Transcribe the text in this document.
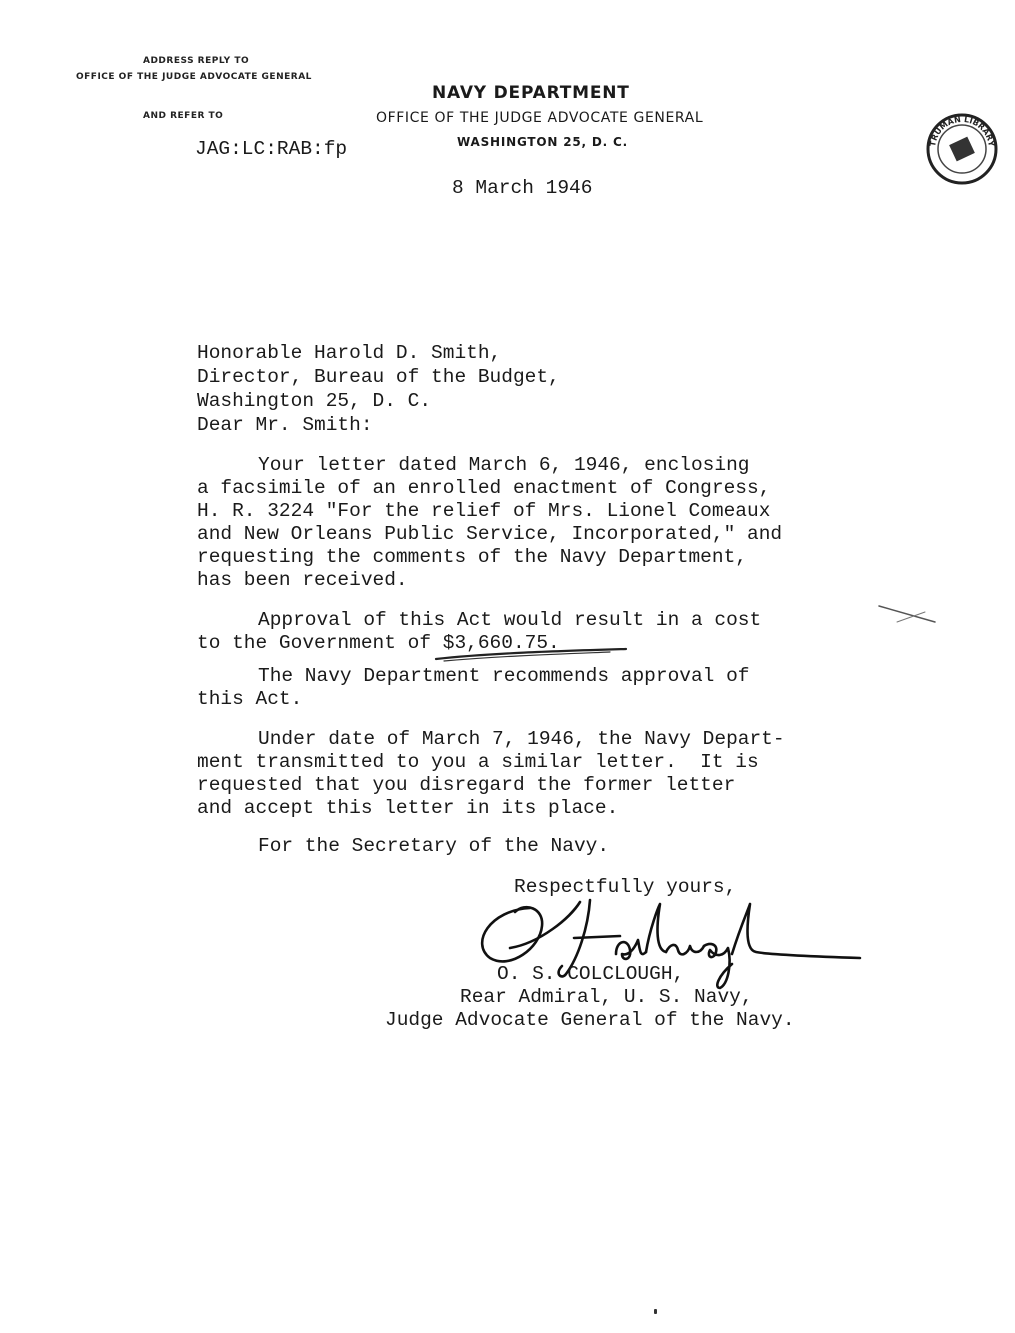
ADDRESS REPLY TO
OFFICE OF THE JUDGE ADVOCATE GENERAL
AND REFER TO
JAG:LC:RAB:fp
NAVY DEPARTMENT
OFFICE OF THE JUDGE ADVOCATE GENERAL
WASHINGTON 25, D. C.	TRUMAN LIBRARY
8 March 1946
Honorable Harold D. Smith,
Director, Bureau of the Budget,
Washington 25, D. C.
Dear Mr. Smith:
Your letter dated March 6, 1946, enclosing
a facsimile of an enrolled enactment of Congress,
H. R. 3224 "For the relief of Mrs. Lionel Comeaux
and New Orleans Public Service, Incorporated," and
requesting the comments of the Navy Department,
has been received.
Approval of this Act would result in a cost
to the Government of $3,660.75.
The Navy Department recommends approval of
this Act.
Under date of March 7, 1946, the Navy Depart-
ment transmitted to you a similar letter.  It is
requested that you disregard the former letter
and accept this letter in its place.
For the Secretary of the Navy.
Respectfully yours,
O. S. COLCLOUGH,
Rear Admiral, U. S. Navy,
Judge Advocate General of the Navy.
